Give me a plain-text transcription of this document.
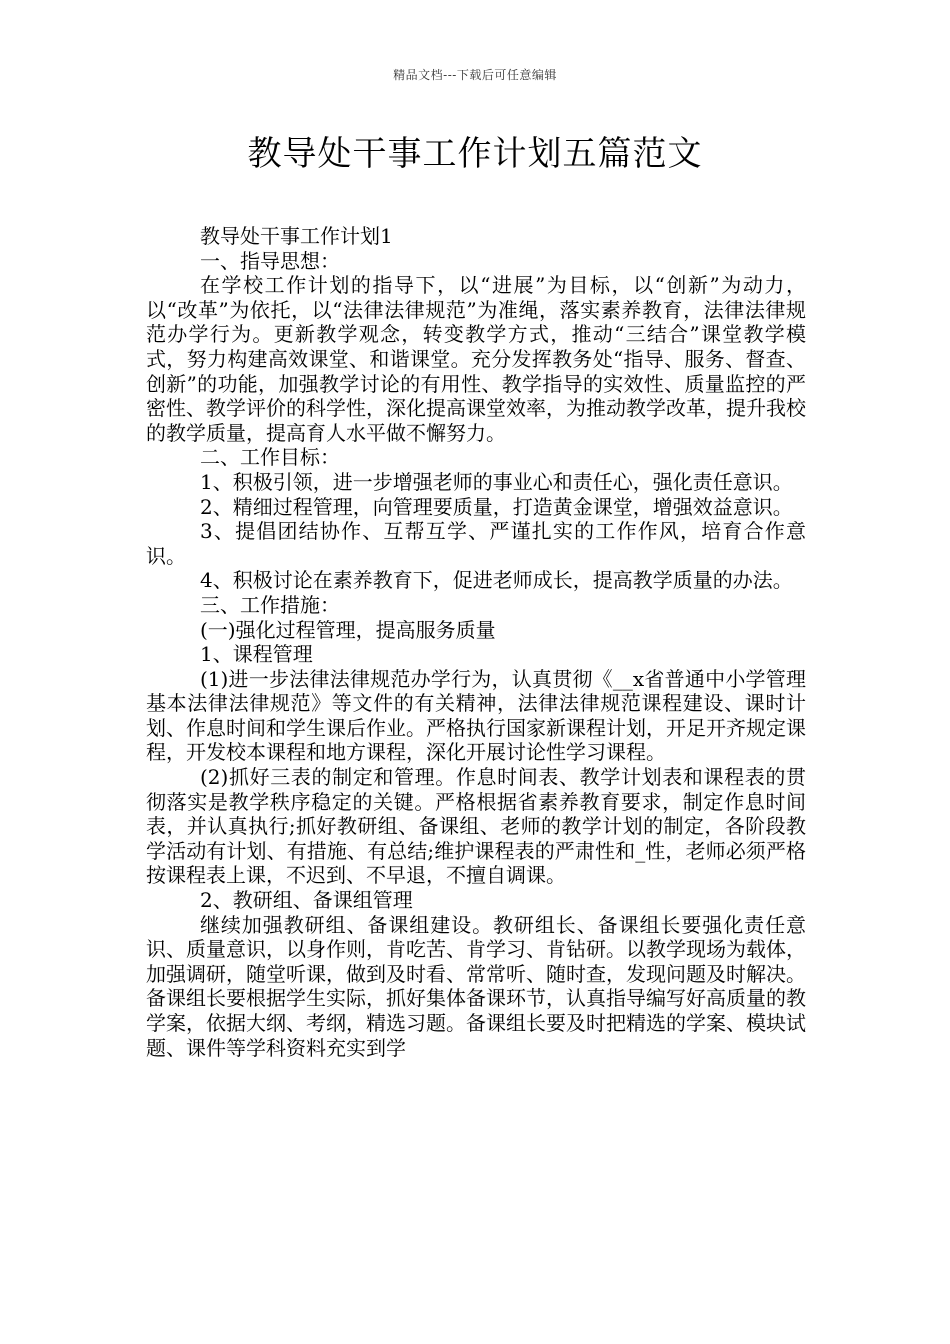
精品文档---下载后可任意编辑
教导处干事工作计划五篇范文

教导处干事工作计划1

一、指导思想：

在学校工作计划的指导下，以“进展”为目标，以“创新”为动力，以“改革”为依托，以“法律法律规范”为准绳，落实素养教育，法律法律规范办学行为。更新教学观念，转变教学方式，推动“三结合”课堂教学模式，努力构建高效课堂、和谐课堂。充分发挥教务处“指导、服务、督查、创新”的功能，加强教学讨论的有用性、教学指导的实效性、质量监控的严密性、教学评价的科学性，深化提高课堂效率，为推动教学改革，提升我校的教学质量，提高育人水平做不懈努力。

二、工作目标：

1、积极引领，进一步增强老师的事业心和责任心，强化责任意识。

2、精细过程管理，向管理要质量，打造黄金课堂，增强效益意识。

3、提倡团结协作、互帮互学、严谨扎实的工作作风，培育合作意识。

4、积极讨论在素养教育下，促进老师成长，提高教学质量的办法。

三、工作措施：

(一)强化过程管理，提高服务质量

1、课程管理

(1)进一步法律法律规范办学行为，认真贯彻《__x省普通中小学管理基本法律法律规范》等文件的有关精神，法律法律规范课程建设、课时计划、作息时间和学生课后作业。严格执行国家新课程计划，开足开齐规定课程，开发校本课程和地方课程，深化开展讨论性学习课程。

(2)抓好三表的制定和管理。作息时间表、教学计划表和课程表的贯彻落实是教学秩序稳定的关键。严格根据省素养教育要求，制定作息时间表，并认真执行;抓好教研组、备课组、老师的教学计划的制定，各阶段教学活动有计划、有措施、有总结;维护课程表的严肃性和_性，老师必须严格按课程表上课，不迟到、不早退，不擅自调课。

2、教研组、备课组管理

继续加强教研组、备课组建设。教研组长、备课组长要强化责任意识、质量意识，以身作则，肯吃苦、肯学习、肯钻研。以教学现场为载体，加强调研，随堂听课，做到及时看、常常听、随时查，发现问题及时解决。备课组长要根据学生实际，抓好集体备课环节，认真指导编写好高质量的教学案，依据大纲、考纲，精选习题。备课组长要及时把精选的学案、模块试题、课件等学科资料充实到学
